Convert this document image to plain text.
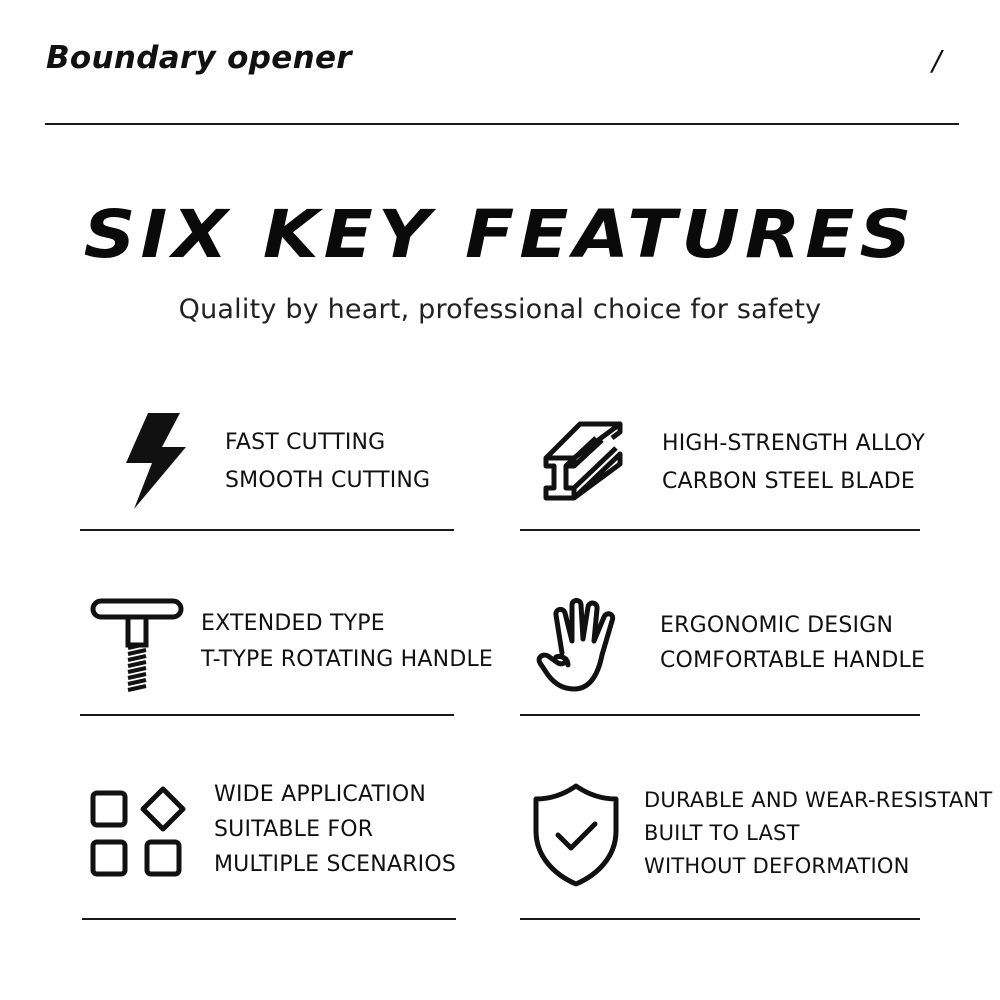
Boundary opener	/
SIX KEY FEATURES
Quality by heart, professional choice for safety
FAST CUTTING
SMOOTH CUTTING
HIGH-STRENGTH ALLOY
CARBON STEEL BLADE
EXTENDED TYPE
T-TYPE ROTATING HANDLE
ERGONOMIC DESIGN
COMFORTABLE HANDLE
WIDE APPLICATION
SUITABLE FOR
MULTIPLE SCENARIOS
DURABLE AND WEAR-RESISTANT
BUILT TO LAST
WITHOUT DEFORMATION
